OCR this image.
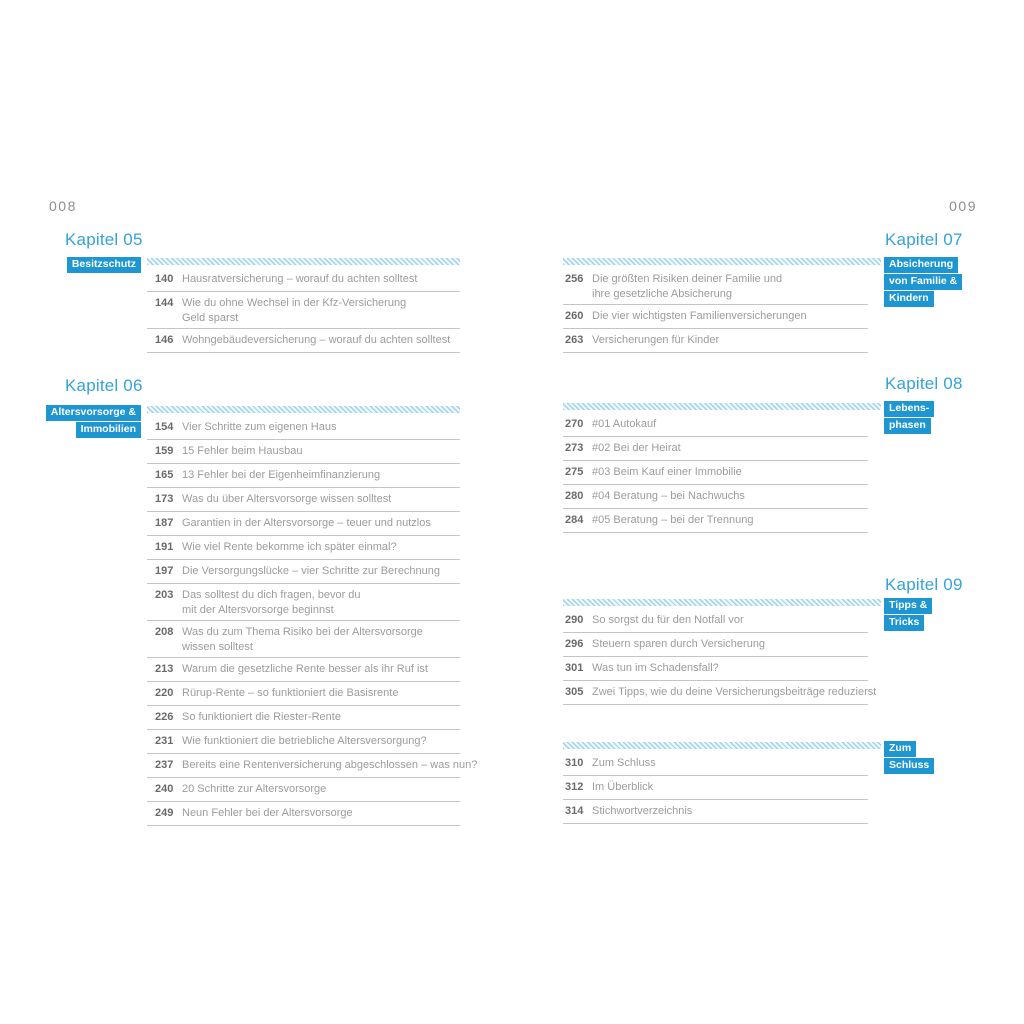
008	009
Kapitel 05
Besitzschutz
140 Hausratversicherung – worauf du achten solltest
144 Wie du ohne Wechsel in der Kfz-Versicherung
Geld sparst
146 Wohngebäudeversicherung – worauf du achten solltest
Kapitel 06
Altersvorsorge &
Immobilien	154 Vier Schritte zum eigenen Haus
159 15 Fehler beim Hausbau
165 13 Fehler bei der Eigenheimfinanzierung
173 Was du über Altersvorsorge wissen solltest
187 Garantien in der Altersvorsorge – teuer und nutzlos
191 Wie viel Rente bekomme ich später einmal?
197 Die Versorgungslücke – vier Schritte zur Berechnung
203 Das solltest du dich fragen, bevor du
mit der Altersvorsorge beginnst
208 Was du zum Thema Risiko bei der Altersvorsorge
wissen solltest
213 Warum die gesetzliche Rente besser als ihr Ruf ist
220 Rürup-Rente – so funktioniert die Basisrente
226 So funktioniert die Riester-Rente
231 Wie funktioniert die betriebliche Altersversorgung?
237 Bereits eine Rentenversicherung abgeschlossen – was nun?
240 20 Schritte zur Altersvorsorge
249 Neun Fehler bei der Altersvorsorge
Kapitel 07
Absicherung
von Familie &
Kindern
256 Die größten Risiken deiner Familie und
ihre gesetzliche Absicherung
260 Die vier wichtigsten Familienversicherungen
263 Versicherungen für Kinder
Kapitel 08
Lebens-
phasen
270 #01 Autokauf
273 #02 Bei der Heirat
275 #03 Beim Kauf einer Immobilie
280 #04 Beratung – bei Nachwuchs
284 #05 Beratung – bei der Trennung
Kapitel 09
Tipps &
Tricks
290 So sorgst du für den Notfall vor
296 Steuern sparen durch Versicherung
301 Was tun im Schadensfall?
305 Zwei Tipps, wie du deine Versicherungsbeiträge reduzierst
Zum
Schluss
310 Zum Schluss
312 Im Überblick
314 Stichwortverzeichnis
